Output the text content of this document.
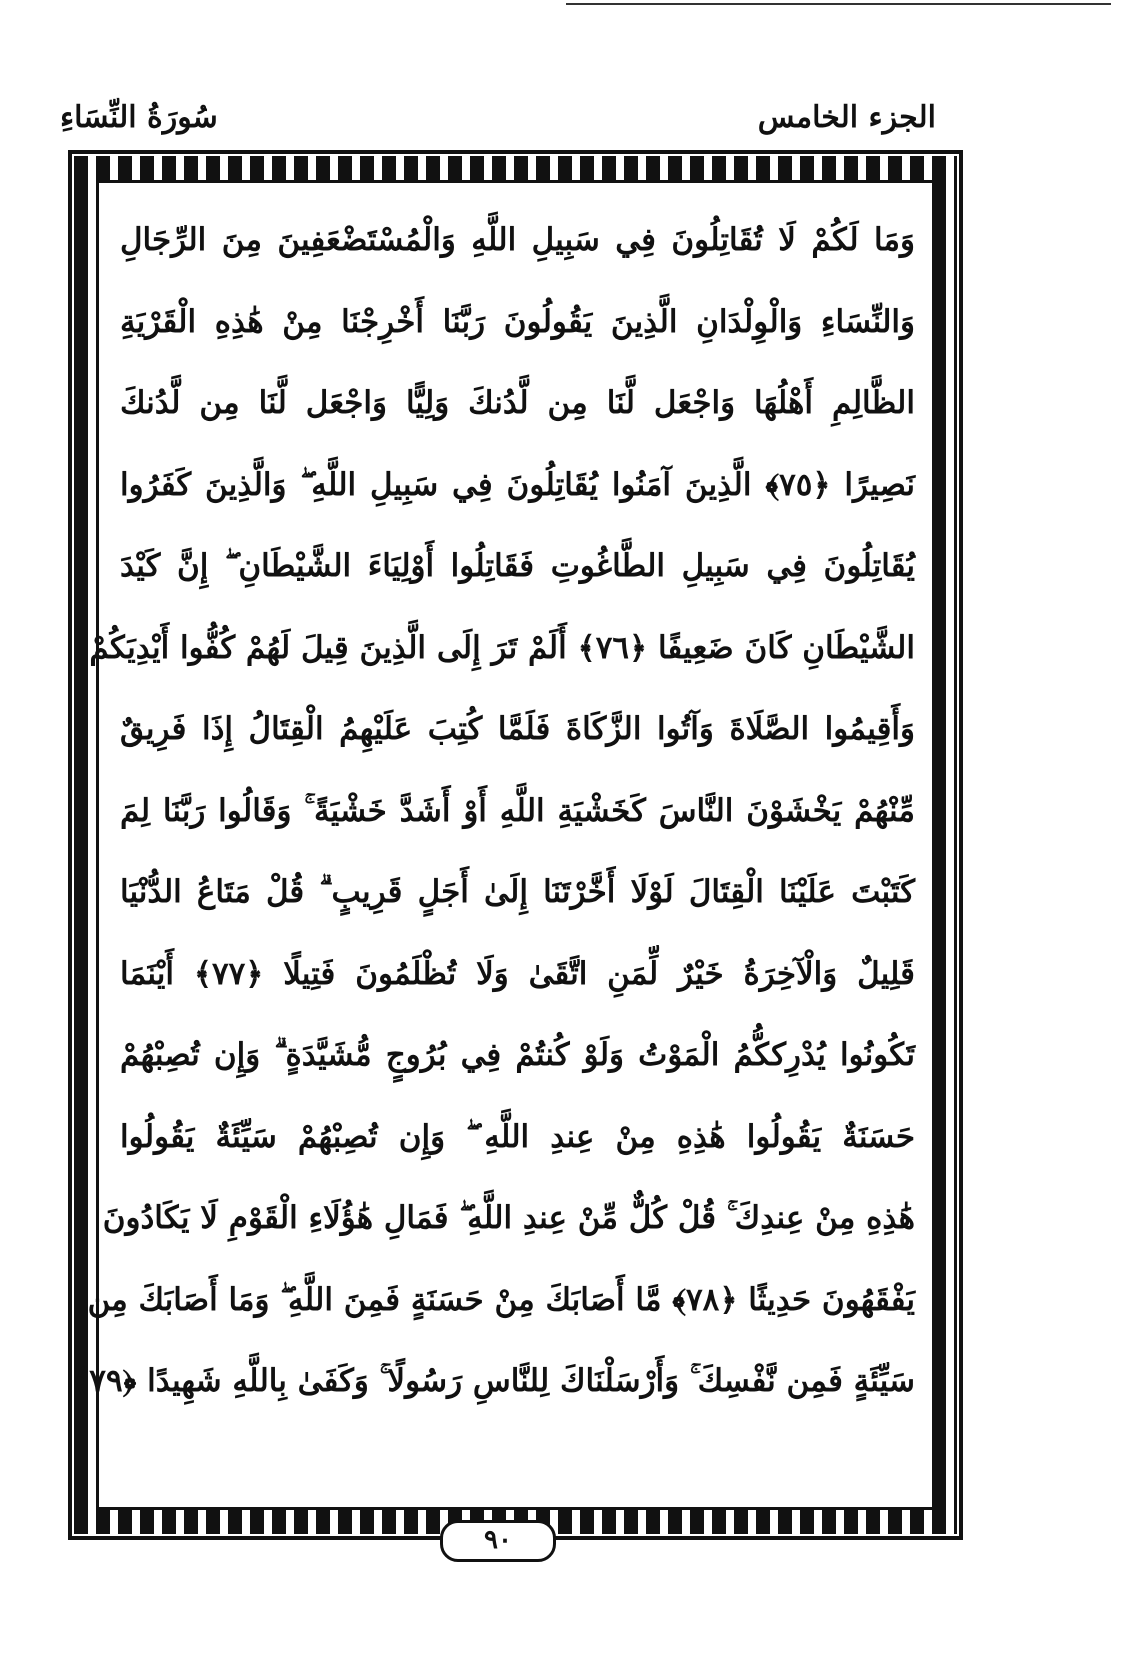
سُورَةُ النِّسَاءِ	الجزء الخامس
وَمَا لَكُمْ لَا تُقَاتِلُونَ فِي سَبِيلِ اللَّهِ وَالْمُسْتَضْعَفِينَ مِنَ الرِّجَالِ
وَالنِّسَاءِ وَالْوِلْدَانِ الَّذِينَ يَقُولُونَ رَبَّنَا أَخْرِجْنَا مِنْ هَٰذِهِ الْقَرْيَةِ
الظَّالِمِ أَهْلُهَا وَاجْعَل لَّنَا مِن لَّدُنكَ وَلِيًّا وَاجْعَل لَّنَا مِن لَّدُنكَ
نَصِيرًا ﴿٧٥﴾ الَّذِينَ آمَنُوا يُقَاتِلُونَ فِي سَبِيلِ اللَّهِ ۖ وَالَّذِينَ كَفَرُوا
يُقَاتِلُونَ فِي سَبِيلِ الطَّاغُوتِ فَقَاتِلُوا أَوْلِيَاءَ الشَّيْطَانِ ۖ إِنَّ كَيْدَ
الشَّيْطَانِ كَانَ ضَعِيفًا ﴿٧٦﴾ أَلَمْ تَرَ إِلَى الَّذِينَ قِيلَ لَهُمْ كُفُّوا أَيْدِيَكُمْ
وَأَقِيمُوا الصَّلَاةَ وَآتُوا الزَّكَاةَ فَلَمَّا كُتِبَ عَلَيْهِمُ الْقِتَالُ إِذَا فَرِيقٌ
مِّنْهُمْ يَخْشَوْنَ النَّاسَ كَخَشْيَةِ اللَّهِ أَوْ أَشَدَّ خَشْيَةً ۚ وَقَالُوا رَبَّنَا لِمَ
كَتَبْتَ عَلَيْنَا الْقِتَالَ لَوْلَا أَخَّرْتَنَا إِلَىٰ أَجَلٍ قَرِيبٍ ۗ قُلْ مَتَاعُ الدُّنْيَا
قَلِيلٌ وَالْآخِرَةُ خَيْرٌ لِّمَنِ اتَّقَىٰ وَلَا تُظْلَمُونَ فَتِيلًا ﴿٧٧﴾ أَيْنَمَا
تَكُونُوا يُدْرِككُّمُ الْمَوْتُ وَلَوْ كُنتُمْ فِي بُرُوجٍ مُّشَيَّدَةٍ ۗ وَإِن تُصِبْهُمْ
حَسَنَةٌ يَقُولُوا هَٰذِهِ مِنْ عِندِ اللَّهِ ۖ وَإِن تُصِبْهُمْ سَيِّئَةٌ يَقُولُوا
هَٰذِهِ مِنْ عِندِكَ ۚ قُلْ كُلٌّ مِّنْ عِندِ اللَّهِ ۖ فَمَالِ هَٰؤُلَاءِ الْقَوْمِ لَا يَكَادُونَ
يَفْقَهُونَ حَدِيثًا ﴿٧٨﴾ مَّا أَصَابَكَ مِنْ حَسَنَةٍ فَمِنَ اللَّهِ ۖ وَمَا أَصَابَكَ مِن
سَيِّئَةٍ فَمِن نَّفْسِكَ ۚ وَأَرْسَلْنَاكَ لِلنَّاسِ رَسُولًا ۚ وَكَفَىٰ بِاللَّهِ شَهِيدًا ﴿٧٩﴾
٩٠
